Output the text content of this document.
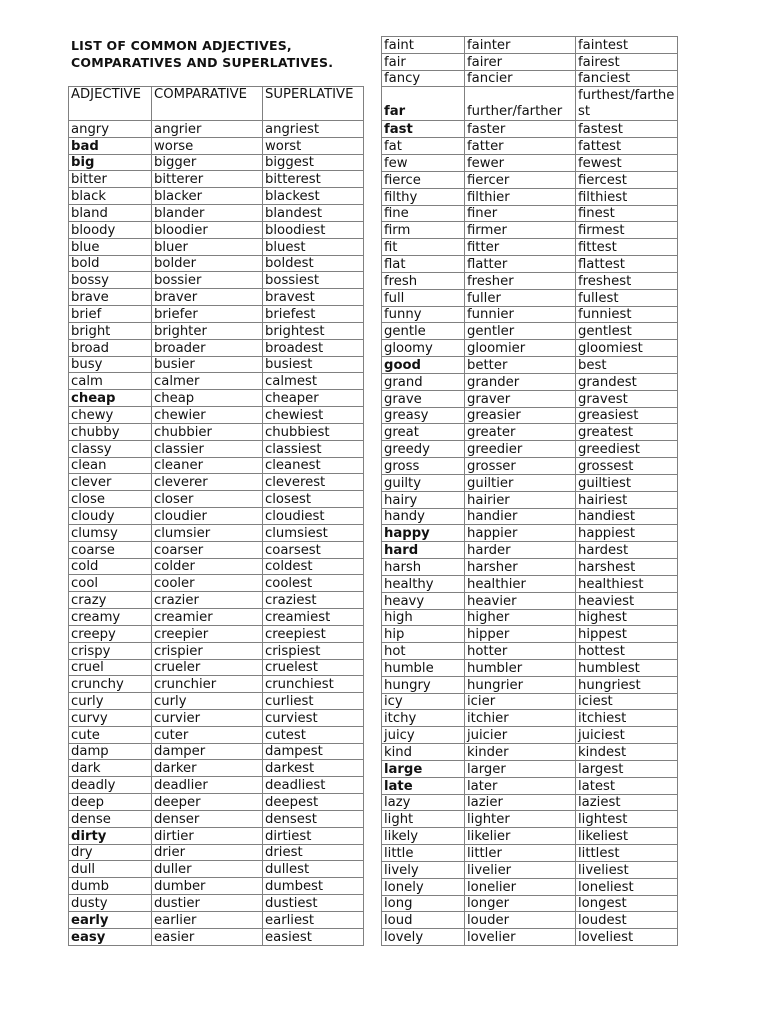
LIST OF COMMON ADJECTIVES, COMPARATIVES AND SUPERLATIVES.
ADJECTIVE	COMPARATIVE	SUPERLATIVE
angry	angrier	angriest
bad	worse	worst
big	bigger	biggest
bitter	bitterer	bitterest
black	blacker	blackest
bland	blander	blandest
bloody	bloodier	bloodiest
blue	bluer	bluest
bold	bolder	boldest
bossy	bossier	bossiest
brave	braver	bravest
brief	briefer	briefest
bright	brighter	brightest
broad	broader	broadest
busy	busier	busiest
calm	calmer	calmest
cheap	cheap	cheaper
chewy	chewier	chewiest
chubby	chubbier	chubbiest
classy	classier	classiest
clean	cleaner	cleanest
clever	cleverer	cleverest
close	closer	closest
cloudy	cloudier	cloudiest
clumsy	clumsier	clumsiest
coarse	coarser	coarsest
cold	colder	coldest
cool	cooler	coolest
crazy	crazier	craziest
creamy	creamier	creamiest
creepy	creepier	creepiest
crispy	crispier	crispiest
cruel	crueler	cruelest
crunchy	crunchier	crunchiest
curly	curly	curliest
curvy	curvier	curviest
cute	cuter	cutest
damp	damper	dampest
dark	darker	darkest
deadly	deadlier	deadliest
deep	deeper	deepest
dense	denser	densest
dirty	dirtier	dirtiest
dry	drier	driest
dull	duller	dullest
dumb	dumber	dumbest
dusty	dustier	dustiest
early	earlier	earliest
easy	easier	easiest
faint	fainter	faintest
fair	fairer	fairest
fancy	fancier	fanciest
far	further/farther	furthest/farthest
fast	faster	fastest
fat	fatter	fattest
few	fewer	fewest
fierce	fiercer	fiercest
filthy	filthier	filthiest
fine	finer	finest
firm	firmer	firmest
fit	fitter	fittest
flat	flatter	flattest
fresh	fresher	freshest
full	fuller	fullest
funny	funnier	funniest
gentle	gentler	gentlest
gloomy	gloomier	gloomiest
good	better	best
grand	grander	grandest
grave	graver	gravest
greasy	greasier	greasiest
great	greater	greatest
greedy	greedier	greediest
gross	grosser	grossest
guilty	guiltier	guiltiest
hairy	hairier	hairiest
handy	handier	handiest
happy	happier	happiest
hard	harder	hardest
harsh	harsher	harshest
healthy	healthier	healthiest
heavy	heavier	heaviest
high	higher	highest
hip	hipper	hippest
hot	hotter	hottest
humble	humbler	humblest
hungry	hungrier	hungriest
icy	icier	iciest
itchy	itchier	itchiest
juicy	juicier	juiciest
kind	kinder	kindest
large	larger	largest
late	later	latest
lazy	lazier	laziest
light	lighter	lightest
likely	likelier	likeliest
little	littler	littlest
lively	livelier	liveliest
lonely	lonelier	loneliest
long	longer	longest
loud	louder	loudest
lovely	lovelier	loveliest
